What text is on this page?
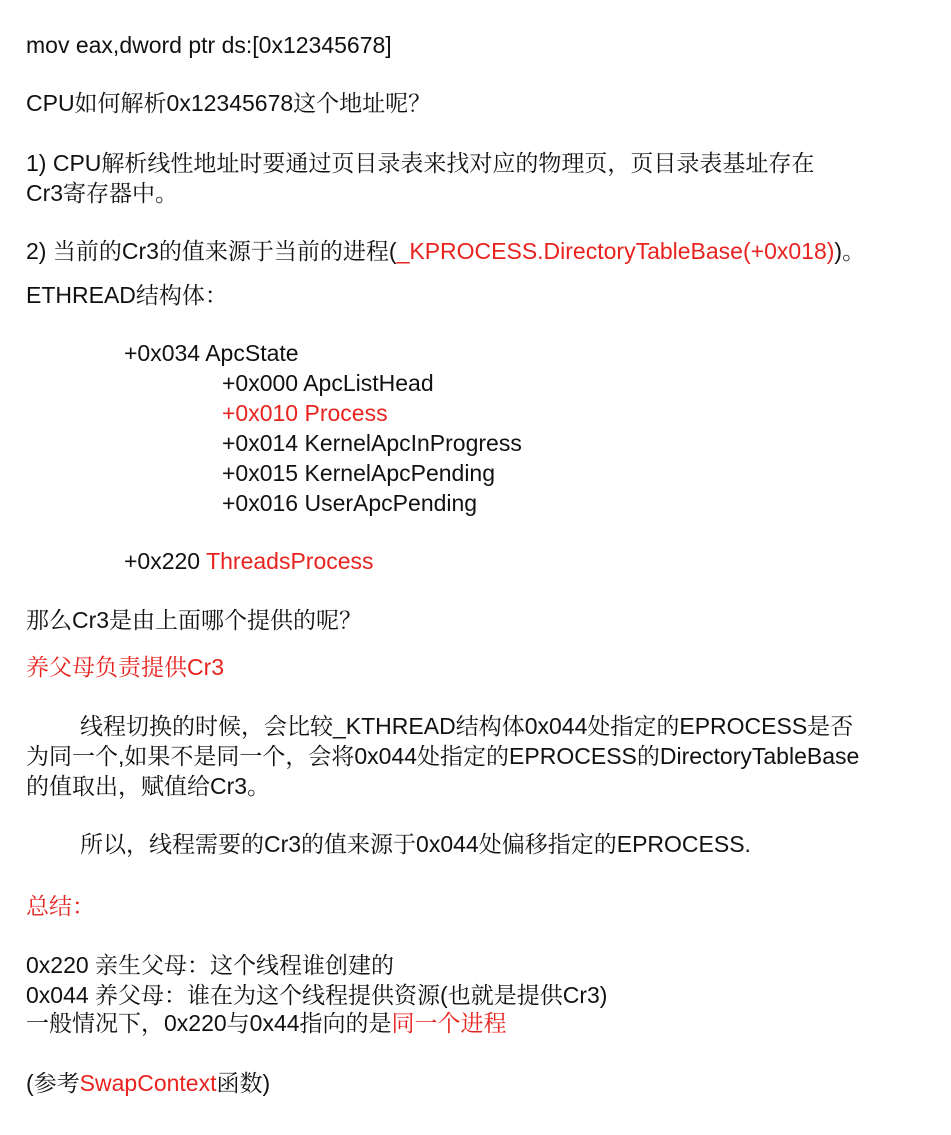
mov eax,dword ptr ds:[0x12345678]
CPU如何解析0x12345678这个地址呢？
1) CPU解析线性地址时要通过页目录表来找对应的物理页，页目录表基址存在
Cr3寄存器中。
2) 当前的Cr3的值来源于当前的进程(_KPROCESS.DirectoryTableBase(+0x018))。
ETHREAD结构体：
+0x034 ApcState
+0x000 ApcListHead
+0x010 Process
+0x014 KernelApcInProgress
+0x015 KernelApcPending
+0x016 UserApcPending
+0x220 ThreadsProcess
那么Cr3是由上面哪个提供的呢？
养父母负责提供Cr3
线程切换的时候，会比较_KTHREAD结构体0x044处指定的EPROCESS是否
为同一个,如果不是同一个，会将0x044处指定的EPROCESS的DirectoryTableBase
的值取出，赋值给Cr3。
所以，线程需要的Cr3的值来源于0x044处偏移指定的EPROCESS.
总结：
0x220 亲生父母：这个线程谁创建的
0x044 养父母：谁在为这个线程提供资源(也就是提供Cr3)
一般情况下，0x220与0x44指向的是同一个进程
(参考SwapContext函数)
